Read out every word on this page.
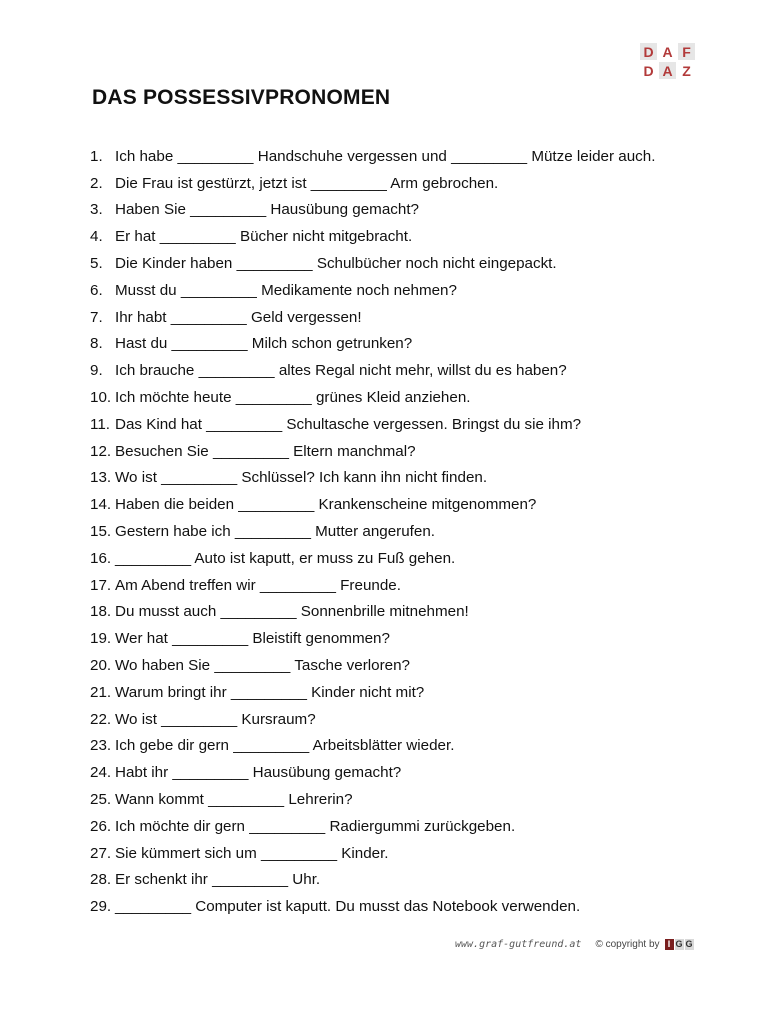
D A F
D A Z
DAS POSSESSIVPRONOMEN
1. Ich habe _________ Handschuhe vergessen und _________ Mütze leider auch.
2. Die Frau ist gestürzt, jetzt ist _________ Arm gebrochen.
3. Haben Sie _________ Hausübung gemacht?
4. Er hat _________ Bücher nicht mitgebracht.
5. Die Kinder haben _________ Schulbücher noch nicht eingepackt.
6. Musst du _________ Medikamente noch nehmen?
7. Ihr habt _________ Geld vergessen!
8. Hast du _________ Milch schon getrunken?
9. Ich brauche _________ altes Regal nicht mehr, willst du es haben?
10. Ich möchte heute _________ grünes Kleid anziehen.
11. Das Kind hat _________ Schultasche vergessen. Bringst du sie ihm?
12. Besuchen Sie _________ Eltern manchmal?
13. Wo ist _________ Schlüssel? Ich kann ihn nicht finden.
14. Haben die beiden _________ Krankenscheine mitgenommen?
15. Gestern habe ich _________ Mutter angerufen.
16. _________ Auto ist kaputt, er muss zu Fuß gehen.
17. Am Abend treffen wir _________ Freunde.
18. Du musst auch _________ Sonnenbrille mitnehmen!
19. Wer hat _________ Bleistift genommen?
20. Wo haben Sie _________ Tasche verloren?
21. Warum bringt ihr _________ Kinder nicht mit?
22. Wo ist _________ Kursraum?
23. Ich gebe dir gern _________ Arbeitsblätter wieder.
24. Habt ihr _________ Hausübung gemacht?
25. Wann kommt _________ Lehrerin?
26. Ich möchte dir gern _________ Radiergummi zurückgeben.
27. Sie kümmert sich um _________ Kinder.
28. Er schenkt ihr _________ Uhr.
29. _________ Computer ist kaputt. Du musst das Notebook verwenden.
www.graf-gutfreund.at © copyright by I G G
